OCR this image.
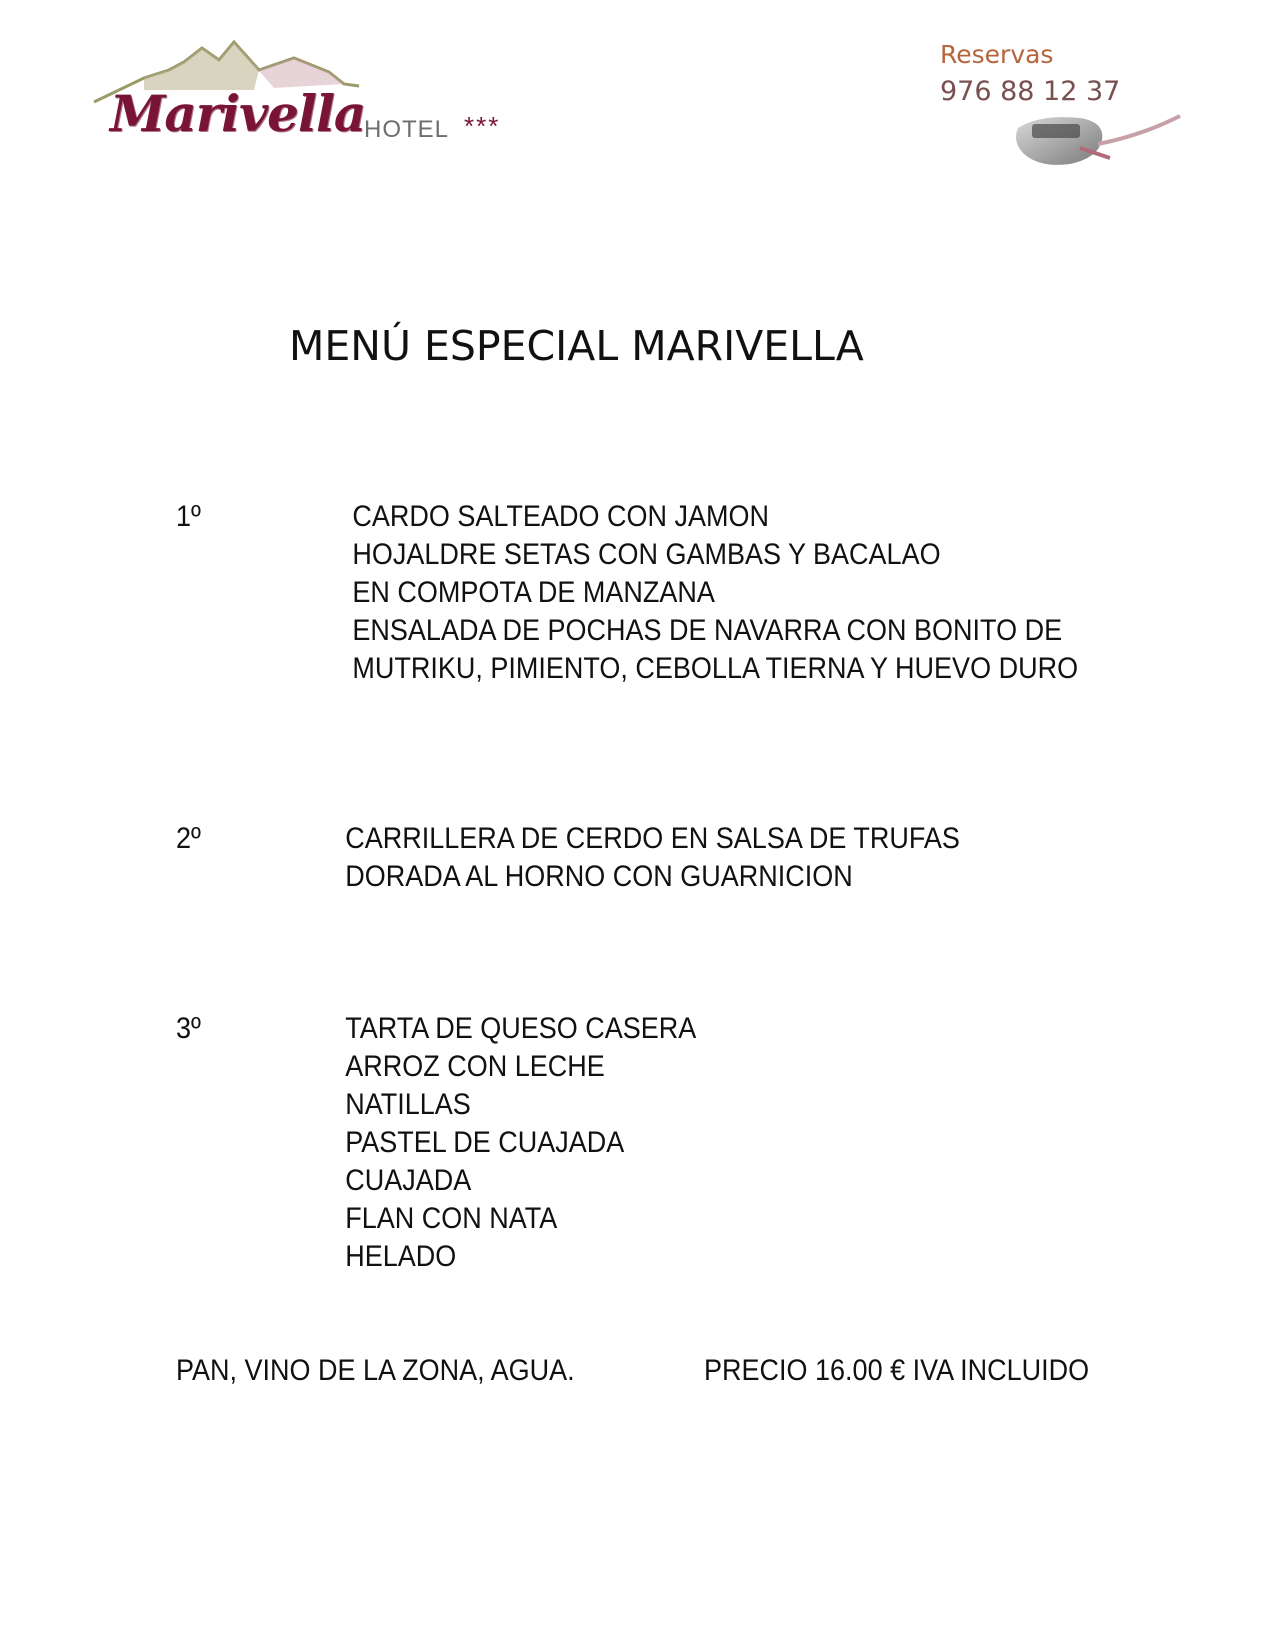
Marivella
HOTEL ***
Reservas
976 88 12 37
MENÚ ESPECIAL MARIVELLA
1º	CARDO SALTEADO CON JAMON
HOJALDRE SETAS CON GAMBAS Y BACALAO
EN COMPOTA DE MANZANA
ENSALADA DE POCHAS DE NAVARRA CON BONITO DE
MUTRIKU, PIMIENTO, CEBOLLA TIERNA Y HUEVO DURO
2º	CARRILLERA DE CERDO EN SALSA DE TRUFAS
DORADA AL HORNO CON GUARNICION
3º	TARTA DE QUESO CASERA
ARROZ CON LECHE
NATILLAS
PASTEL DE CUAJADA
CUAJADA
FLAN CON NATA
HELADO
PAN, VINO DE LA ZONA, AGUA.	PRECIO 16.00 € IVA INCLUIDO
